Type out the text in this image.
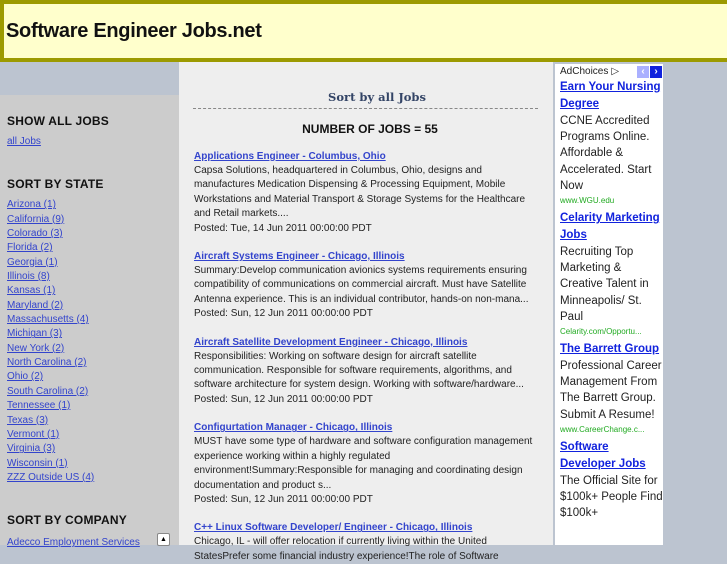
Software Engineer Jobs.net
SHOW ALL JOBS
all Jobs
SORT BY STATE
Arizona (1)
California (9)
Colorado (3)
Florida (2)
Georgia (1)
Illinois (8)
Kansas (1)
Maryland (2)
Massachusetts (4)
Michigan (3)
New York (2)
North Carolina (2)
Ohio (2)
South Carolina (2)
Tennessee (1)
Texas (3)
Vermont (1)
Virginia (3)
Wisconsin (1)
ZZZ Outside US (4)
SORT BY COMPANY
Adecco Employment Services	▲
Sort by all Jobs
NUMBER OF JOBS = 55
Applications Engineer - Columbus, Ohio

Capsa Solutions, headquartered in Columbus, Ohio, designs and manufactures Medication Dispensing & Processing Equipment, Mobile Workstations and Material Transport & Storage Systems for the Healthcare and Retail markets....

Posted: Tue, 14 Jun 2011 00:00:00 PDT

Aircraft Systems Engineer - Chicago, Illinois

Summary:Develop communication avionics systems requirements ensuring compatibility of communications on commercial aircraft. Must have Satellite Antenna experience. This is an individual contributor, hands-on non-mana...

Posted: Sun, 12 Jun 2011 00:00:00 PDT

Aircraft Satellite Development Engineer - Chicago, Illinois

Responsibilities: Working on software design for aircraft satellite communication. Responsible for software requirements, algorithms, and software architecture for system design. Working with software/hardware...

Posted: Sun, 12 Jun 2011 00:00:00 PDT

Configurtation Manager - Chicago, Illinois

MUST have some type of hardware and software configuration management experience working within a highly regulated environment!Summary:Responsible for managing and coordinating design documentation and product s...

Posted: Sun, 12 Jun 2011 00:00:00 PDT

C++ Linux Software Developer/ Engineer - Chicago, Illinois

Chicago, IL - will offer relocation if currently living within the United StatesPrefer some financial industry experience!The role of Software

AdChoices ▷	‹ ›
Earn Your Nursing Degree
CCNE Accredited Programs Online. Affordable & Accelerated. Start Now
www.WGU.edu
Celarity Marketing Jobs
Recruiting Top Marketing & Creative Talent in Minneapolis/ St. Paul
Celarity.com/Opportu...
The Barrett Group
Professional Career Management From The Barrett Group. Submit A Resume!
www.CareerChange.c...
Software Developer Jobs
The Official Site for $100k+ People Find $100k+
